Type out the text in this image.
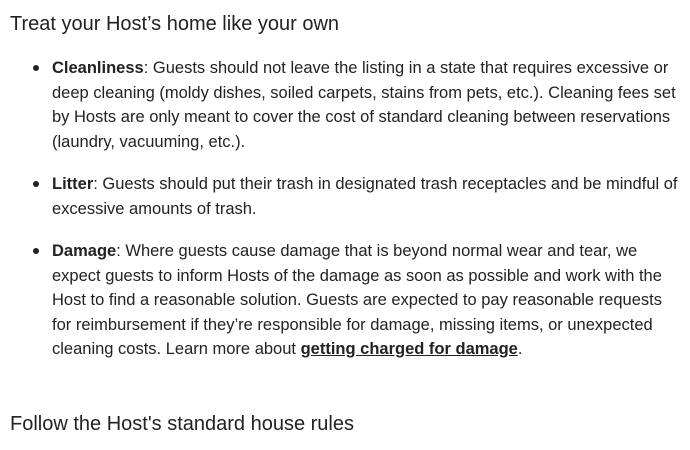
Treat your Host’s home like your own
Cleanliness: Guests should not leave the listing in a state that requires excessive or deep cleaning (moldy dishes, soiled carpets, stains from pets, etc.). Cleaning fees set by Hosts are only meant to cover the cost of standard cleaning between reservations (laundry, vacuuming, etc.).
Litter: Guests should put their trash in designated trash receptacles and be mindful of excessive amounts of trash.
Damage: Where guests cause damage that is beyond normal wear and tear, we expect guests to inform Hosts of the damage as soon as possible and work with the Host to find a reasonable solution. Guests are expected to pay reasonable requests for reimbursement if they’re responsible for damage, missing items, or unexpected cleaning costs. Learn more about getting charged for damage.
Follow the Host's standard house rules
